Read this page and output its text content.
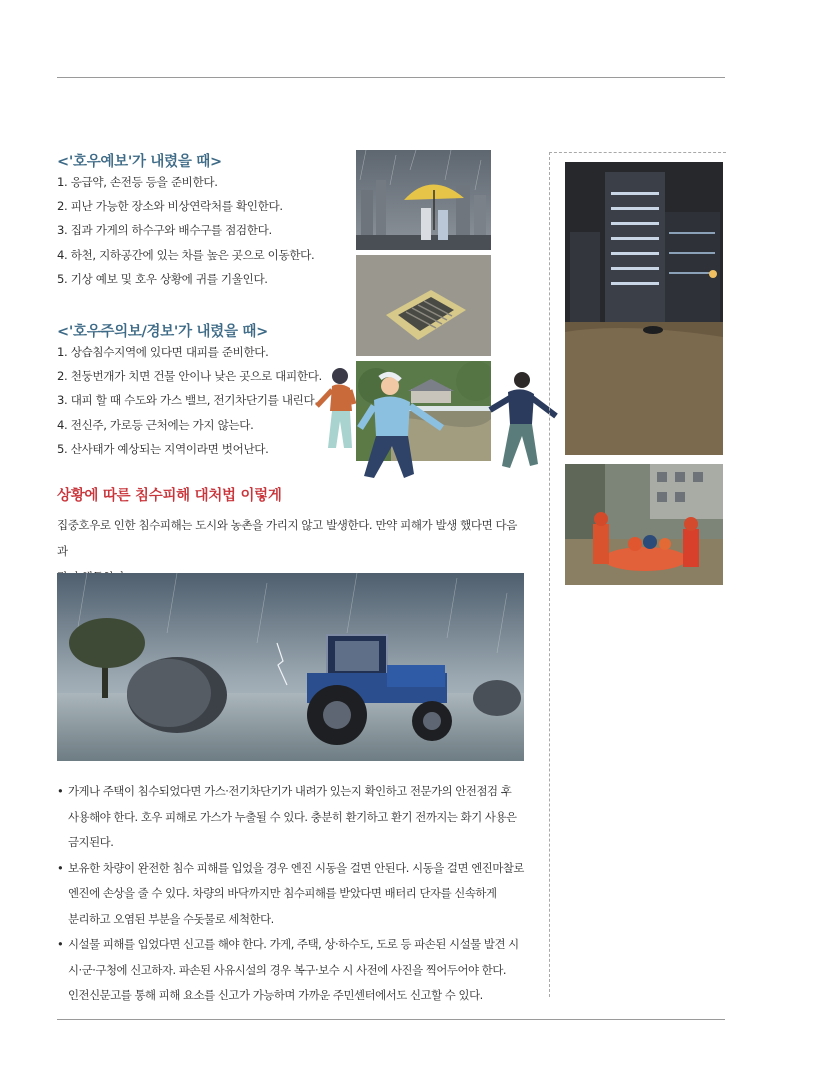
<'호우예보'가 내렸을 때>
1. 응급약, 손전등 등을 준비한다.
2. 피난 가능한 장소와 비상연락처를 확인한다.
3. 집과 가게의 하수구와 배수구를 점검한다.
4. 하천, 지하공간에 있는 차를 높은 곳으로 이동한다.
5. 기상 예보 및 호우 상황에 귀를 기울인다.
<'호우주의보/경보'가 내렸을 때>
1. 상습침수지역에 있다면 대피를 준비한다.
2. 천둥번개가 치면 건물 안이나 낮은 곳으로 대피한다.
3. 대피 할 때 수도와 가스 밸브, 전기차단기를 내린다.
4. 전신주, 가로등 근처에는 가지 않는다.
5. 산사태가 예상되는 지역이라면 벗어난다.
상황에 따른 침수피해 대처법 이렇게

집중호우로 인한 침수피해는 도시와 농촌을 가리지 않고 발생한다. 만약 피해가 발생 했다면 다음과

• 가게나 주택이 침수되었다면 가스·전기차단기가 내려가 있는지 확인하고 전문가의 안전점검 후
사용해야 한다. 호우 피해로 가스가 누출될 수 있다. 충분히 환기하고 환기 전까지는 화기 사용은
금지된다.
• 보유한 차량이 완전한 침수 피해를 입었을 경우 엔진 시동을 걸면 안된다. 시동을 걸면 엔진마찰로
엔진에 손상을 줄 수 있다. 차량의 바닥까지만 침수피해를 받았다면 배터리 단자를 신속하게
분리하고 오염된 부분을 수돗물로 세척한다.
• 시설물 피해를 입었다면 신고를 해야 한다. 가게, 주택, 상·하수도, 도로 등 파손된 시설물 발견 시
시·군·구청에 신고하자. 파손된 사유시설의 경우 복구·보수 시 사전에 사진을 찍어두어야 한다.
인전신문고를 통해 피해 요소를 신고가 가능하며 가까운 주민센터에서도 신고할 수 있다.
